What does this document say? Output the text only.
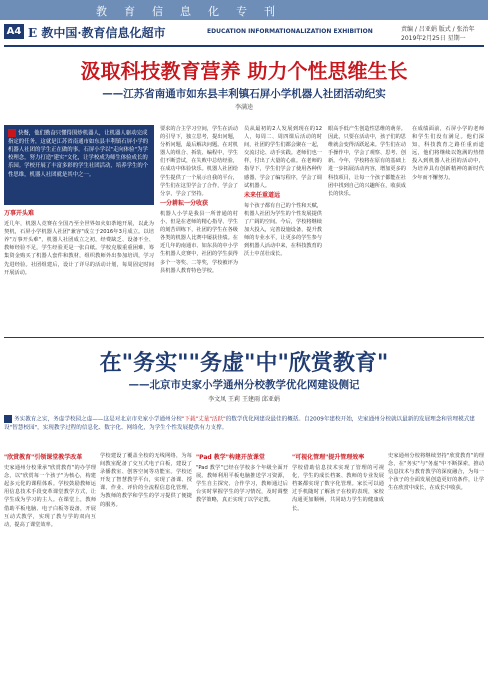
教育信息化专刊
A4 E 教中国·教育信息化超市	EDUCATION INFORMATIONALIZATION EXHIBITION	责编 / 吕亚娟 版式 / 张治年
2019年2月25日 星期一
汲取科技教育营养 助力个性思维生长
——江苏省南通市如东县丰利镇石屏小学机器人社团活动纪实
李满逵
快餐，他们勤奋只懂得围炒机器人，让机器人驱动完成指定的任务，这就是江苏省南通市如东县丰利镇石屏小学的机器人社团的学生正在做的事。石屏小学以"走向体验"为学校理念，努力打造"建实"文化，让学校成为师生体验成长的乐园。学校开展了丰富多彩的学生社团活动，培养学生的个性思维，机器人社团就是其中之一。
万事开头难
近几年，机器人竞赛在全国乃至全世界如火如荼地开展，以此为契机，石屏小学机器人社团"兼容"成立于2016年3月成立。以培养"万事开头难"，机器人社团成立之初，经费缺乏、设备不全、教师经验不足，学生经验更是一张白纸。学校克服重重困难，筹集资金购买了机器人套件和教材，组织教师外出参加培训，学习先进经验。社团组建后，设计了详尽的活动计划，每周固定时间开展活动。
要求的合主学习空间，学生在活动的引导下，独立思考，提出问题，分析问题，最后解决问题。在对机器人的组合、拆装、编程中，学生们不断尝试，在失败中总结经验，在成功中体验快乐。机器人社团给学生提供了一个展示自我的平台，学生们在这里学会了合作，学会了分享，学会了坚持。
一分耕耘一分收获
机器人小学是我县一所普通的村小，但是在老师的精心指导、学生的刻苦训练下，社团的学生在各级各类的机器人比赛中屡获佳绩。在近几年的南通市、如东县的中小学生机器人竞赛中，社团的学生获得多个一等奖、二等奖，学校被评为县机器人教育特色学校。
员从最初的2人发展到现在的12人，每周二、周四课后活动的时间，社团的学生们都会聚在一起，交流讨论、动手实践。老师们也一样，付出了大量的心血。在老师的指导下，学生们学会了使用各种传感器，学会了编写程序，学会了调试机器人。
未来任重道远
每个孩子都有自己的个性和天赋，机器人社团为学生的个性发展提供了广阔的空间。今后，学校将继续加大投入，完善设施设备，提升教师的专业水平，让更多的学生参与到机器人活动中来，在科技教育的沃土中茁壮成长。
眼高手低产生创造性思维的萌芽。因此，只要在活动中，孩子们的思维就会变得活跃起来。学生们在动手操作中，学会了观察、思考、创新。今年，学校将在原有的基础上进一步拓展活动内容，增加更多的科技项目，让每一个孩子都能在社团中找到自己的兴趣所在，收获成长的快乐。
在成绩面前，石屏小学的老师和学生们没有满足。他们深知，科技教育之路任重而道远，他们将继续以饱满的热情投入到机器人社团的活动中，为培养具有创新精神的新时代少年而不懈努力。
在"务实""务虚"中"欣赏教育"
——北京市史家小学通州分校教学优化网建设侧记
李文凤 王莉 王建雨 邱亚娟
务实教育之实，务虚学校园之虚——这是对北京市史家小学通州分校"下载"丈量"活跃"的数学优化网建设最佳的概括。自2009年建校开始，史家通州分校就以最新的发展理念和管理模式建设"智慧校园"，实现教学过程的信息化、数字化、网络化，为学生个性发展提供有力支撑。
"欣赏教育"引领课堂教学改革
史家通州分校秉承"欣赏教育"的办学理念，以"欣赏每一个孩子"为核心，构建起多元化的课程体系。学校鼓励教师运用信息技术手段变革课堂教学方式，让学生成为学习的主人。在课堂上，教师借助平板电脑、电子白板等设备，开展互动式教学，实现了教与学的双向互动，提高了课堂效率。
学校建设了覆盖全校的无线网络，为每间教室配备了交互式电子白板，建设了录播教室、创客空间等功能室。学校还开发了智慧教学平台，实现了备课、授课、作业、评价的全流程信息化管理，为教师的教学和学生的学习提供了便捷的服务。
"Pad 教学"构建开放课堂
"Pad 教学"已经在学校多个年级全面开展。教师利用平板电脑推送学习资源，学生自主探究、合作学习，教师通过后台实时掌握学生的学习情况，及时调整教学策略，真正实现了以学定教。
"可视化管理"提升管理效率
学校借助信息技术实现了管理的可视化，学生的成长档案、教师的专业发展档案都实现了数字化管理。家长可以通过手机随时了解孩子在校的表现，家校沟通更加顺畅，共同助力学生的健康成长。
史家通州分校将继续坚持"欣赏教育"的理念，在"务实"与"务虚"中不断探索，推动信息技术与教育教学的深度融合，为每一个孩子的全面发展创造更好的条件，让学生在欣赏中成长，在成长中收获。
